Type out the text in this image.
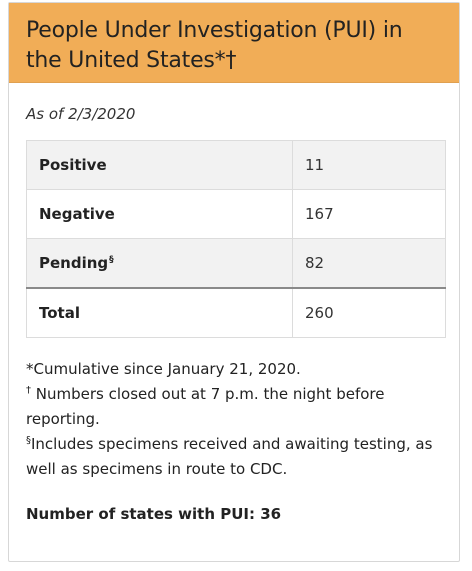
People Under Investigation (PUI) in the United States*†
As of 2/3/2020
Positive	11
Negative	167
Pending§	82
Total	260

*Cumulative since January 21, 2020.

† Numbers closed out at 7 p.m. the night before reporting.

§Includes specimens received and awaiting testing, as well as specimens in route to CDC.

Number of states with PUI: 36
